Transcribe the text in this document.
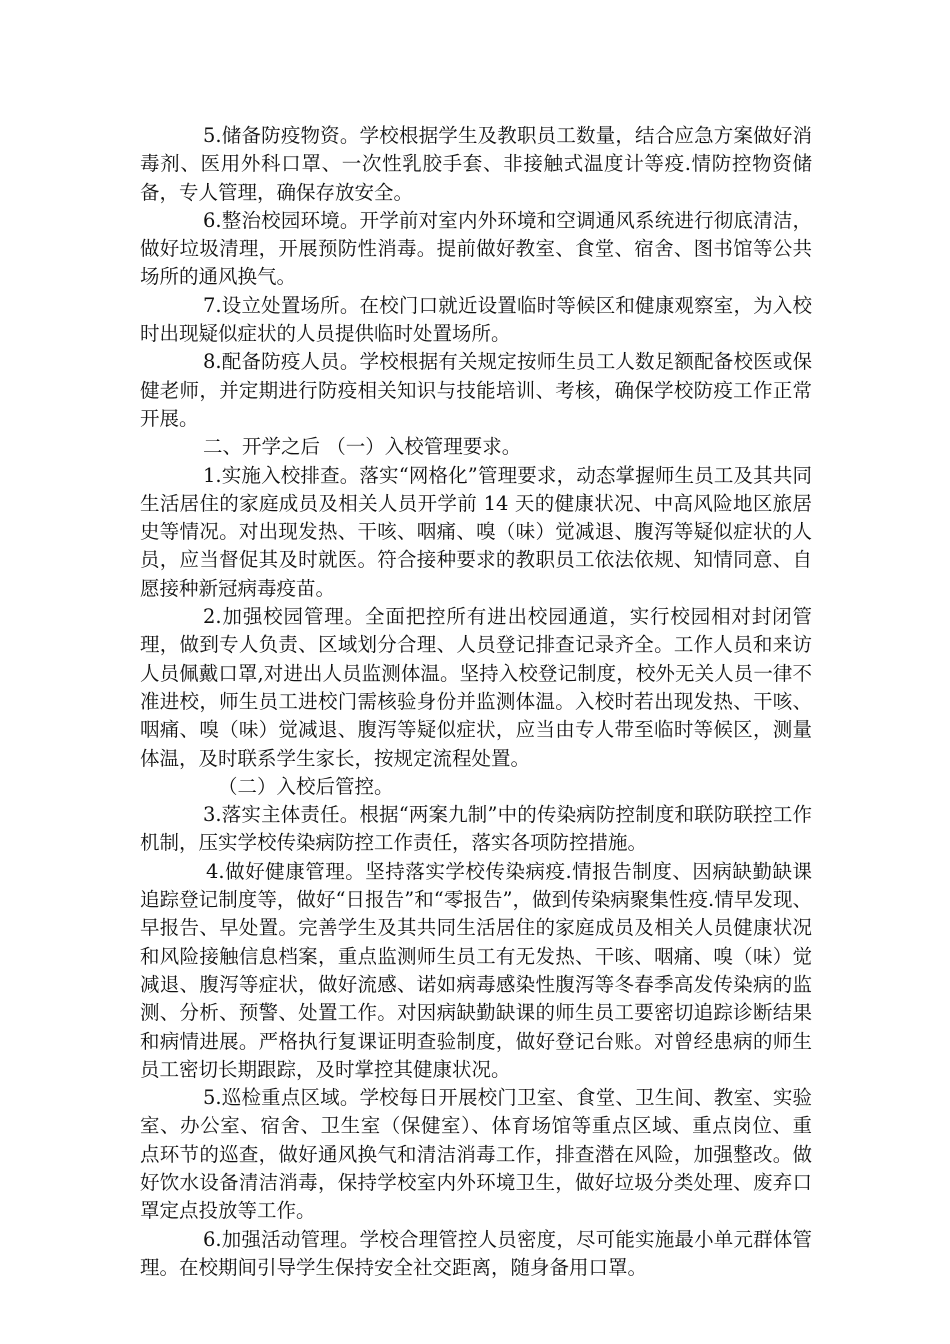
5.储备防疫物资。学校根据学生及教职员工数量，结合应急方案做好消毒剂、医用外科口罩、一次性乳胶手套、非接触式温度计等疫.情防控物资储备，专人管理，确保存放安全。

6.整治校园环境。开学前对室内外环境和空调通风系统进行彻底清洁，做好垃圾清理，开展预防性消毒。提前做好教室、食堂、宿舍、图书馆等公共场所的通风换气。

7.设立处置场所。在校门口就近设置临时等候区和健康观察室，为入校时出现疑似症状的人员提供临时处置场所。

8.配备防疫人员。学校根据有关规定按师生员工人数足额配备校医或保健老师，并定期进行防疫相关知识与技能培训、考核，确保学校防疫工作正常开展。

二、开学之后 （一）入校管理要求。

1.实施入校排查。落实“网格化”管理要求，动态掌握师生员工及其共同生活居住的家庭成员及相关人员开学前 14 天的健康状况、中高风险地区旅居史等情况。对出现发热、干咳、咽痛、嗅（味）觉减退、腹泻等疑似症状的人员，应当督促其及时就医。符合接种要求的教职员工依法依规、知情同意、自愿接种新冠病毒疫苗。

2.加强校园管理。全面把控所有进出校园通道，实行校园相对封闭管理，做到专人负责、区域划分合理、人员登记排查记录齐全。工作人员和来访人员佩戴口罩,对进出人员监测体温。坚持入校登记制度，校外无关人员一律不准进校，师生员工进校门需核验身份并监测体温。入校时若出现发热、干咳、咽痛、嗅（味）觉减退、腹泻等疑似症状，应当由专人带至临时等候区，测量体温，及时联系学生家长，按规定流程处置。

（二）入校后管控。

3.落实主体责任。根据“两案九制”中的传染病防控制度和联防联控工作机制，压实学校传染病防控工作责任，落实各项防控措施。

4.做好健康管理。坚持落实学校传染病疫.情报告制度、因病缺勤缺课追踪登记制度等，做好“日报告”和“零报告”，做到传染病聚集性疫.情早发现、早报告、早处置。完善学生及其共同生活居住的家庭成员及相关人员健康状况和风险接触信息档案，重点监测师生员工有无发热、干咳、咽痛、嗅（味）觉减退、腹泻等症状，做好流感、诺如病毒感染性腹泻等冬春季高发传染病的监测、分析、预警、处置工作。对因病缺勤缺课的师生员工要密切追踪诊断结果和病情进展。严格执行复课证明查验制度，做好登记台账。对曾经患病的师生员工密切长期跟踪，及时掌控其健康状况。

5.巡检重点区域。学校每日开展校门卫室、食堂、卫生间、教室、实验室、办公室、宿舍、卫生室（保健室）、体育场馆等重点区域、重点岗位、重点环节的巡查，做好通风换气和清洁消毒工作，排查潜在风险，加强整改。做好饮水设备清洁消毒，保持学校室内外环境卫生，做好垃圾分类处理、废弃口罩定点投放等工作。

6.加强活动管理。学校合理管控人员密度，尽可能实施最小单元群体管理。在校期间引导学生保持安全社交距离，随身备用口罩。
